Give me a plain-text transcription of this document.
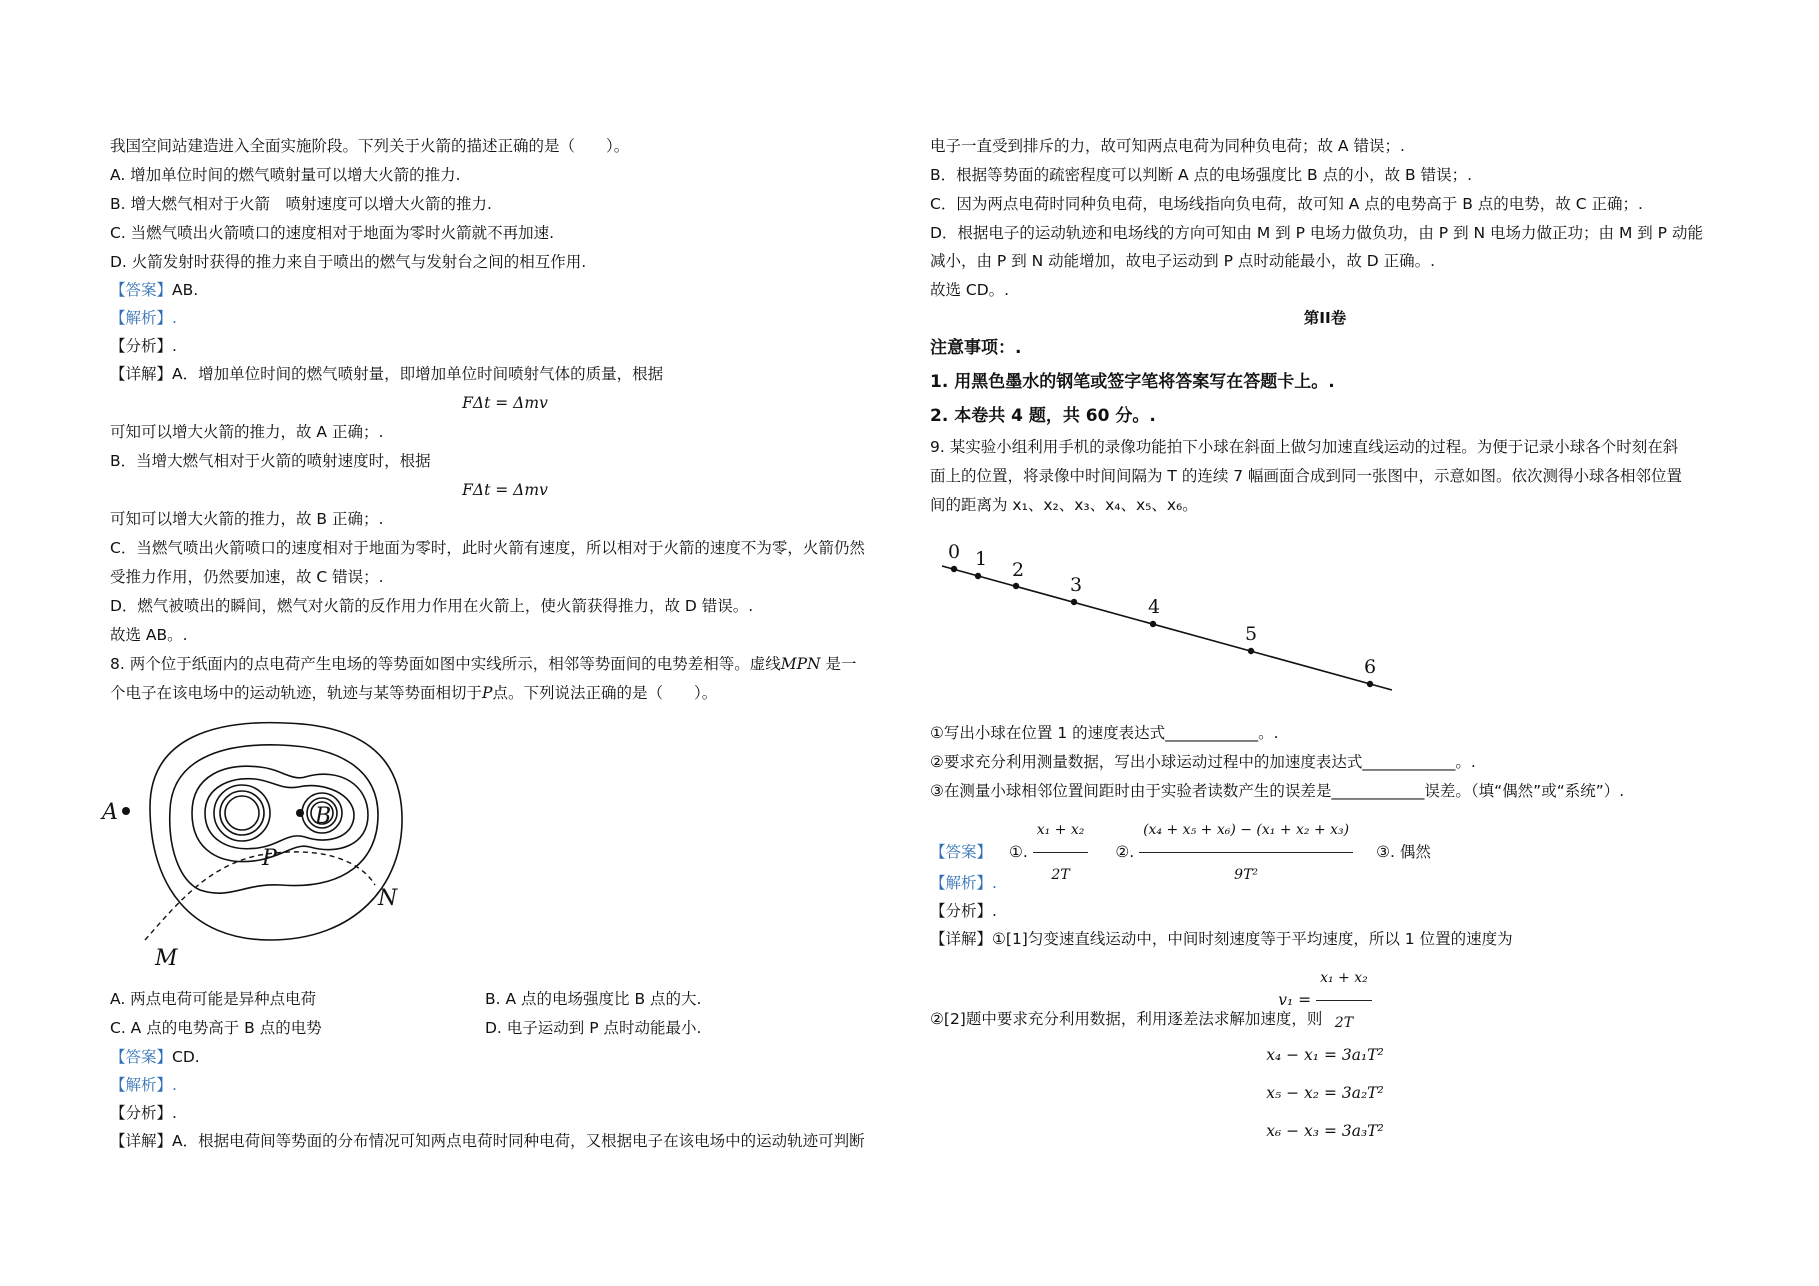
我国空间站建造进入全面实施阶段。下列关于火箭的描述正确的是（　　）。
A. 增加单位时间的燃气喷射量可以增大火箭的推力.
B. 增大燃气相对于火箭　喷射速度可以增大火箭的推力.
C. 当燃气喷出火箭喷口的速度相对于地面为零时火箭就不再加速.
D. 火箭发射时获得的推力来自于喷出的燃气与发射台之间的相互作用.
【答案】AB.
【解析】.
【分析】.
【详解】A．增加单位时间的燃气喷射量，即增加单位时间喷射气体的质量，根据
FΔt = Δmv
可知可以增大火箭的推力，故 A 正确；.
B．当增大燃气相对于火箭的喷射速度时，根据
FΔt = Δmv
可知可以增大火箭的推力，故 B 正确；.
C．当燃气喷出火箭喷口的速度相对于地面为零时，此时火箭有速度，所以相对于火箭的速度不为零，火箭仍然
受推力作用，仍然要加速，故 C 错误；.
D．燃气被喷出的瞬间，燃气对火箭的反作用力作用在火箭上，使火箭获得推力，故 D 错误。.
故选 AB。.
8. 两个位于纸面内的点电荷产生电场的等势面如图中实线所示，相邻等势面间的电势差相等。虚线MPN 是一
个电子在该电场中的运动轨迹，轨迹与某等势面相切于P点。下列说法正确的是（　　）。
A	B
P
N
M
A. 两点电荷可能是异种点电荷	B. A 点的电场强度比 B 点的大.
C. A 点的电势高于 B 点的电势	D. 电子运动到 P 点时动能最小.
【答案】CD.
【解析】.
【分析】.
【详解】A．根据电荷间等势面的分布情况可知两点电荷时同种电荷，又根据电子在该电场中的运动轨迹可判断
电子一直受到排斥的力，故可知两点电荷为同种负电荷；故 A 错误；.
B．根据等势面的疏密程度可以判断 A 点的电场强度比 B 点的小，故 B 错误；.
C．因为两点电荷时同种负电荷，电场线指向负电荷，故可知 A 点的电势高于 B 点的电势，故 C 正确；.
D．根据电子的运动轨迹和电场线的方向可知由 M 到 P 电场力做负功，由 P 到 N 电场力做正功；由 M 到 P 动能
减小，由 P 到 N 动能增加，故电子运动到 P 点时动能最小，故 D 正确。.
故选 CD。.
第II卷
注意事项：.
1. 用黑色墨水的钢笔或签字笔将答案写在答题卡上。.
2. 本卷共 4 题，共 60 分。.
9. 某实验小组利用手机的录像功能拍下小球在斜面上做匀加速直线运动的过程。为便于记录小球各个时刻在斜
面上的位置，将录像中时间间隔为 T 的连续 7 幅画面合成到同一张图中，示意如图。依次测得小球各相邻位置
间的距离为 x₁、x₂、x₃、x₄、x₅、x₆。
0 1 2
3
4
5
6
①写出小球在位置 1 的速度表达式____________。.
②要求充分利用测量数据，写出小球运动过程中的加速度表达式____________。.
③在测量小球相邻位置间距时由于实验者读数产生的误差是____________误差。（填“偶然”或“系统”）.
【答案】 ①. $\frac{\text{x₁ + x₂}}{2T}$ ②. $\frac{\text{(x₄ + x₅ + x₆) − (x₁ + x₂ + x₃)}}{\text{9T²}}$ ③. 偶然
【解析】.
【分析】.
【详解】①[1]匀变速直线运动中，中间时刻速度等于平均速度，所以 1 位置的速度为
$v_1 = \frac{\text{x₁ + x₂}}{2T}$
②[2]题中要求充分利用数据，利用逐差法求解加速度，则
x₄ − x₁ = 3a₁T²
x₅ − x₂ = 3a₂T²
x₆ − x₃ = 3a₃T²
